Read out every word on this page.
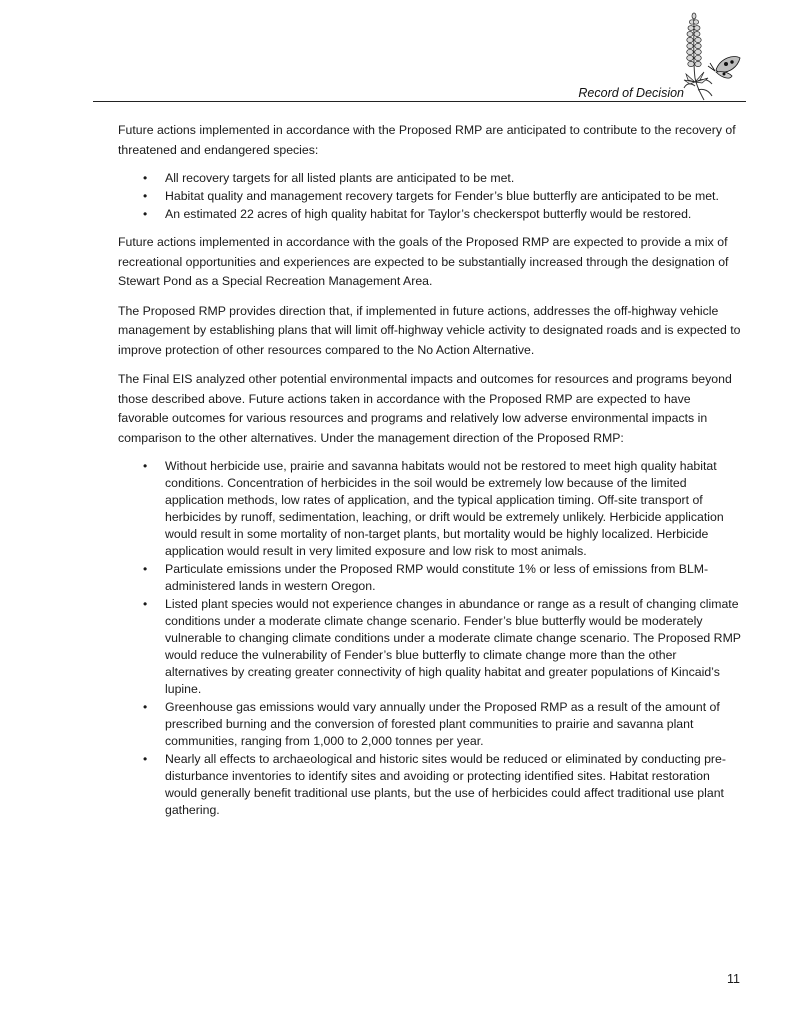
Record of Decision

Future actions implemented in accordance with the Proposed RMP are anticipated to contribute to the recovery of threatened and endangered species:

• All recovery targets for all listed plants are anticipated to be met.
• Habitat quality and management recovery targets for Fender’s blue butterfly are anticipated to be met.
• An estimated 22 acres of high quality habitat for Taylor’s checkerspot butterfly would be restored.

Future actions implemented in accordance with the goals of the Proposed RMP are expected to provide a mix of recreational opportunities and experiences are expected to be substantially increased through the designation of Stewart Pond as a Special Recreation Management Area.

The Proposed RMP provides direction that, if implemented in future actions, addresses the off-highway vehicle management by establishing plans that will limit off-highway vehicle activity to designated roads and is expected to improve protection of other resources compared to the No Action Alternative.

The Final EIS analyzed other potential environmental impacts and outcomes for resources and programs beyond those described above. Future actions taken in accordance with the Proposed RMP are expected to have favorable outcomes for various resources and programs and relatively low adverse environmental impacts in comparison to the other alternatives. Under the management direction of the Proposed RMP:

• Without herbicide use, prairie and savanna habitats would not be restored to meet high quality habitat conditions. Concentration of herbicides in the soil would be extremely low because of the limited application methods, low rates of application, and the typical application timing. Off-site transport of herbicides by runoff, sedimentation, leaching, or drift would be extremely unlikely. Herbicide application would result in some mortality of non-target plants, but mortality would be highly localized. Herbicide application would result in very limited exposure and low risk to most animals.
• Particulate emissions under the Proposed RMP would constitute 1% or less of emissions from BLM-administered lands in western Oregon.
• Listed plant species would not experience changes in abundance or range as a result of changing climate conditions under a moderate climate change scenario. Fender’s blue butterfly would be moderately vulnerable to changing climate conditions under a moderate climate change scenario. The Proposed RMP would reduce the vulnerability of Fender’s blue butterfly to climate change more than the other alternatives by creating greater connectivity of high quality habitat and greater populations of Kincaid’s lupine.
• Greenhouse gas emissions would vary annually under the Proposed RMP as a result of the amount of prescribed burning and the conversion of forested plant communities to prairie and savanna plant communities, ranging from 1,000 to 2,000 tonnes per year.
• Nearly all effects to archaeological and historic sites would be reduced or eliminated by conducting pre-disturbance inventories to identify sites and avoiding or protecting identified sites. Habitat restoration would generally benefit traditional use plants, but the use of herbicides could affect traditional use plant gathering.
11
